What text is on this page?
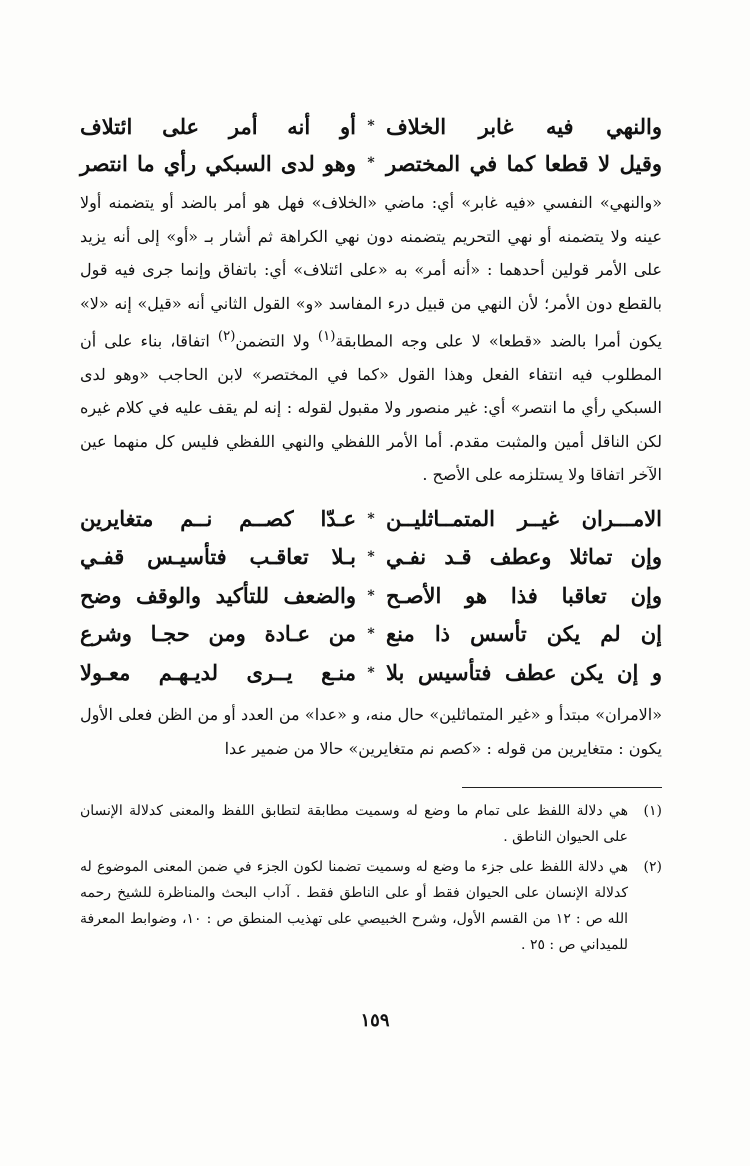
والنهي فيه غابر الخلاف
*
أو أنه أمر على ائتلاف
وقيل لا قطعا كما في المختصر
*
وهو لدى السبكي رأي ما انتصر

«والنهي» النفسي «فيه غابر» أي: ماضي «الخلاف» فهل هو أمر بالضد أو يتضمنه أولا عينه ولا يتضمنه أو نهي التحريم يتضمنه دون نهي الكراهة ثم أشار بـ «أو» إلى أنه يزيد على الأمر قولين أحدهما : «أنه أمر» به «على ائتلاف» أي: باتفاق وإنما جرى فيه قول بالقطع دون الأمر؛ لأن النهي من قبيل درء المفاسد «و» القول الثاني أنه «قيل» إنه «لا» يكون أمرا بالضد «قطعا» لا على وجه المطابقة$^{(١)}$ ولا التضمن$^{(٢)}$ اتفاقا، بناء على أن المطلوب فيه انتفاء الفعل وهذا القول «كما في المختصر» لابن الحاجب «وهو لدى السبكي رأي ما انتصر» أي: غير منصور ولا مقبول لقوله : إنه لم يقف عليه في كلام غيره لكن الناقل أمين والمثبت مقدم. أما الأمر اللفظي والنهي اللفظي فليس كل منهما عين الآخر اتفاقا ولا يستلزمه على الأصح .

الامـــران غيــر المتمــاثليــن
*
عـدّا كصــم نــم متغايرين
وإن تماثلا وعطف قـد نفـي
*
بـلا تعاقـب فتأسيـس قفـي
وإن تعاقبا فذا هو الأصـح
*
والضعف للتأكيد والوقف وضح
إن لم يكن تأسس ذا منع
*
من عـادة ومن حجـا وشرع
و إن يكن عطف فتأسيس بلا
*
منـع يــرى لديـهـم معـولا

«الامران» مبتدأ و «غير المتماثلين» حال منه، و «عدا» من العدد أو من الظن فعلى الأول يكون : متغايرين من قوله : «كصم نم متغايرين» حالا من ضمير عدا

(١)
هي دلالة اللفظ على تمام ما وضع له وسميت مطابقة لتطابق اللفظ والمعنى كدلالة الإنسان على الحيوان الناطق .
(٢)
هي دلالة اللفظ على جزء ما وضع له وسميت تضمنا لكون الجزء في ضمن المعنى الموضوع له كدلالة الإنسان على الحيوان فقط أو على الناطق فقط . آداب البحث والمناظرة للشيخ رحمه الله ص : ١٢ من القسم الأول، وشرح الخبيصي على تهذيب المنطق ص : ١٠، وضوابط المعرفة للميداني ص : ٢٥ .
١٥٩
